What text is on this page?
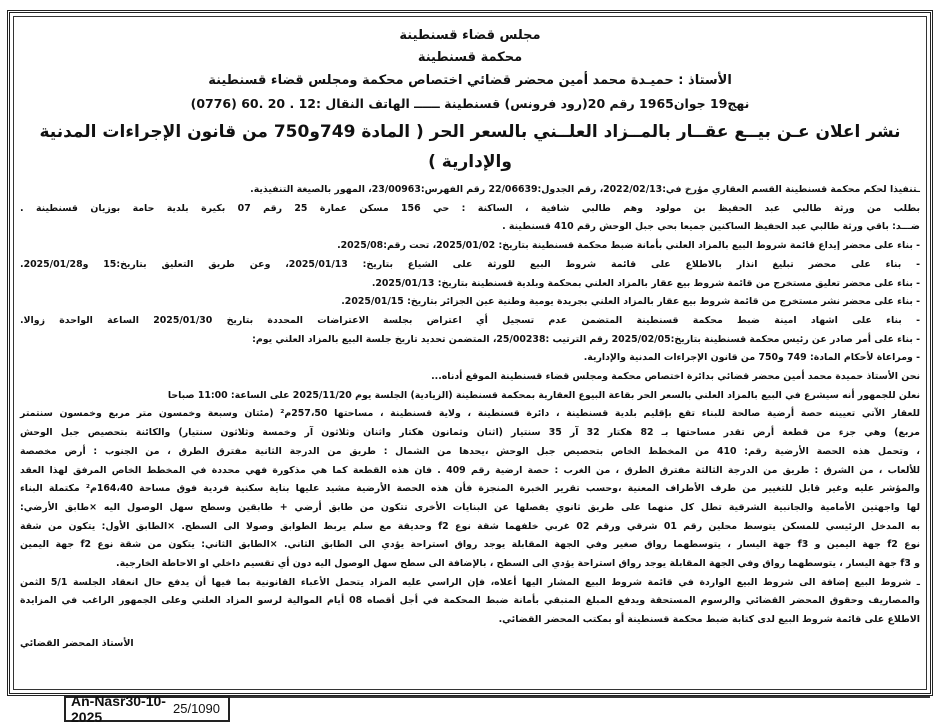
مجلس قضاء قسنطينة
محكمة قسنطينة
الأستاذ : حميـدة محمد أمين محضر قضائي اختصاص محكمة ومجلس قضاء قسنطينة
نهج19 جوان1965 رقم 20(رود فرونس) قسنطينة ــــــ الهاتف النقال :12 . 20 .60 (0776)
نشر اعلان عـن بيــع عقــار بالمــزاد العلــني بالسعر الحر ( المادة 749و750 من قانون الإجراءات المدنية والإدارية )
ـتنفيذا لحكم محكمة قسنطينة القسم العقاري مؤرخ في:2022/02/13، رقم الجدول:22/06639 رقم الفهرس:23/00963، المهور بالصيغة التنفيذية.
بطلب من ورثة طالبي عبد الحفيظ بن مولود وهم طالبي شافية ، الساكنة : حي 156 مسكن عمارة 25 رقم 07 بكيرة بلدية حامة بوزيان قسنطينة .
ضـــد: باقي ورثة طالبي عبد الحفيظ الساكنين جميعا بحي جبل الوحش رقم 410 قسنطينة .
- بناء على محضر إيداع قائمة شروط البيع بالمزاد العلني بأمانة ضبط محكمة قسنطينة بتاريخ: 2025/01/02، تحت رقم:2025/08.
- بناء على محضر تبليغ انذار بالاطلاع على قائمة شروط البيع للورثة على الشياع بتاريخ: 2025/01/13، وعن طريق التعليق بتاريخ:15 و2025/01/28.
- بناء على محضر تعليق مستخرج من قائمة شروط بيع عقار بالمزاد العلني بمحكمة وبلدية قسنطينة بتاريخ: 2025/01/13.
- بناء على محضر نشر مستخرج من قائمة شروط بيع عقار بالمزاد العلني بجريدة يومية وطنية عين الجزائر بتاريخ: 2025/01/15.
- بناء على اشهاد امينة ضبط محكمة قسنطينة المتضمن عدم تسجيل أي اعتراض بجلسة الاعتراضات المحددة بتاريخ 2025/01/30 الساعة الواحدة زوالا.
- بناء على أمر صادر عن رئيس محكمة قسنطينة بتاريخ:2025/02/05 رقم الترتيب :25/00238، المتضمن تحديد تاريخ جلسة البيع بالمزاد العلني يوم:
- ومراعاة لأحكام المادة: 749 و750 من قانون الإجراءات المدنية والإدارية.
نحن الأستاذ حميدة محمد أمين محضر قضائي بدائرة اختصاص محكمة ومجلس قضاء قسنطينة الموقع أدناه...
نعلن للجمهور أنه سيشرع في البيع بالمزاد العلني بالسعر الحر بقاعة البيوع العقارية بمحكمة قسنطينة (الزيادية) الجلسة يوم 2025/11/20 على الساعة: 11:00 صباحا
للعقار الآتي تعيينه حصة أرضية صالحة للبناء تقع بإقليم بلدية قسنطينة ، دائرة قسنطينة ، ولاية قسنطينة ، مساحتها 257،50م² (مئتان وسبعة وخمسون متر مربع وخمسون سنتمتر
مربع) وهي جزء من قطعة أرض تقدر مساحتها بـ 82 هكتار 32 آر 35 سنتيار (اثنان وثمانون هكتار واثنان وثلاثون آر وخمسة وثلاثون سنتيار) والكائنة بتحصيص جبل الوحش
، وتحمل هذه الحصة الأرضية رقم: 410 من المخطط الخاص بتحصيص جبل الوحش ،يحدها من الشمال : طريق من الدرجة الثانية مفترق الطرق ، من الجنوب : أرض مخصصة
للألعاب ، من الشرق : طريق من الدرجة الثالثة مفترق الطرق ، من الغرب : حصة ارضية رقم 409 . فان هذه القطعة كما هي مذكورة فهي محددة في المخطط الخاص المرفق لهذا العقد
والمؤشر عليه وغير قابل للتغيير من طرف الأطراف المعنية ،وحسب تقرير الخبرة المنجزة فأن هذه الحصة الأرضية مشيد عليها بناية سكنية فردية فوق مساحة 164،40م² مكتملة البناء
لها واجهتين الأمامية والجانبية الشرقية تطل كل منهما على طريق ثانوي يفصلها عن البنايات الأخرى تتكون من طابق أرضي + طابقين وسطح سهل الوصول اليه ×طابق الأرضي:
به المدخل الرئيسي للمسكن يتوسط محلين رقم 01 شرقي ورقم 02 غربي خلفهما شقة نوع f2 وحديقة مع سلم يربط الطوابق وصولا الى السطح. ×الطابق الأول: يتكون من شقة
نوع f2 جهة اليمين و f3 جهة اليسار ، يتوسطهما رواق صغير وفي الجهة المقابلة يوجد رواق استراحة يؤدي الى الطابق الثاني. ×الطابق الثاني: يتكون من شقة نوع f2 جهة اليمين
و f3 جهة اليسار ، يتوسطهما رواق وفي الجهة المقابلة يوجد رواق استراحة يؤدي الى السطح ، بالإضافة الى سطح سهل الوصول اليه دون أي تقسيم داخلي او الاحاطة الخارجية.
ـ شروط البيع إضافة الى شروط البيع الواردة في قائمة شروط البيع المشار اليها أعلاه، فإن الراسي عليه المزاد يتحمل الأعباء القانونية بما فيها أن يدفع حال انعقاد الجلسة 5/1 الثمن
والمصاريف وحقوق المحضر القضائي والرسوم المستحقة ويدفع المبلغ المتبقي بأمانة ضبط المحكمة في أجل أقصاه 08 أيام الموالية لرسو المزاد العلني وعلى الجمهور الراغب في المزايدة
الاطلاع على قائمة شروط البيع لدى كتابة ضبط محكمة قسنطينة أو بمكتب المحضر القضائي.
الأستاذ المحضر القضائي
An-Nasr30-10-2025	25/1090
